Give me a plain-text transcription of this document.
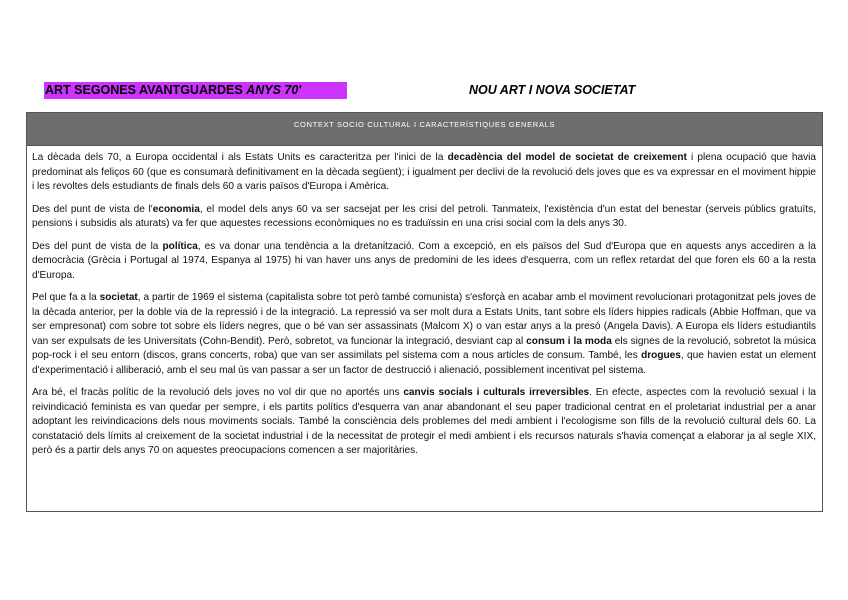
ART SEGONES AVANTGUARDES ANYS 70'	NOU ART I NOVA SOCIETAT
CONTEXT SOCIO CULTURAL I CARACTERÍSTIQUES GENERALS

La dècada dels 70, a Europa occidental i als Estats Units es caracteritza per l'inici de la decadència del model de societat de creixement i plena ocupació que havia predominat als feliços 60 (que es consumarà definitivament en la dècada següent); i igualment per declivi de la revolució dels joves que es va expressar en el moviment hippie i les revoltes dels estudiants de finals dels 60 a varis països d'Europa i Amèrica.

Des del punt de vista de l'economia, el model dels anys 60 va ser sacsejat per les crisi del petroli. Tanmateix, l'existència d'un estat del benestar (serveis públics gratuïts, pensions i subsidis als aturats) va fer que aquestes recessions econòmiques no es traduïssin en una crisi social com la dels anys 30.

Des del punt de vista de la política, es va donar una tendència a la dretanització. Com a excepció, en els països del Sud d'Europa que en aquests anys accediren a la democràcia (Grècia i Portugal al 1974, Espanya al 1975) hi van haver uns anys de predomini de les idees d'esquerra, com un reflex retardat del que foren els 60 a la resta d'Europa.

Pel que fa a la societat, a partir de 1969 el sistema (capitalista sobre tot però també comunista) s'esforçà en acabar amb el moviment revolucionari protagonitzat pels joves de la dècada anterior, per la doble via de la repressió i de la integració. La repressió va ser molt dura a Estats Units, tant sobre els líders hippies radicals (Abbie Hoffman, que va ser empresonat) com sobre tot sobre els líders negres, que o bé van ser assassinats (Malcom X) o van estar anys a la presó (Angela Davis). A Europa els líders estudiantils van ser expulsats de les Universitats (Cohn-Bendit). Però, sobretot, va funcionar la integració, desviant cap al consum i la moda els signes de la revolució, sobretot la música pop-rock i el seu entorn (discos, grans concerts, roba) que van ser assimilats pel sistema com a nous articles de consum. També, les drogues, que havien estat un element d'experimentació i alliberació, amb el seu mal ús van passar a ser un factor de destrucció i alienació, possiblement incentivat pel sistema.

Ara bé, el fracàs polític de la revolució dels joves no vol dir que no aportés uns canvis socials i culturals irreversibles. En efecte, aspectes com la revolució sexual i la reivindicació feminista es van quedar per sempre, i els partits polítics d'esquerra van anar abandonant el seu paper tradicional centrat en el proletariat industrial per a anar adoptant les reivindicacions dels nous moviments socials. També la consciència dels problemes del medi ambient i l'ecologisme son fills de la revolució cultural dels 60. La constatació dels límits al creixement de la societat industrial i de la necessitat de protegir el medi ambient i els recursos naturals s'havia començat a elaborar ja al segle XIX, però és a partir dels anys 70 on aquestes preocupacions comencen a ser majoritàries.
